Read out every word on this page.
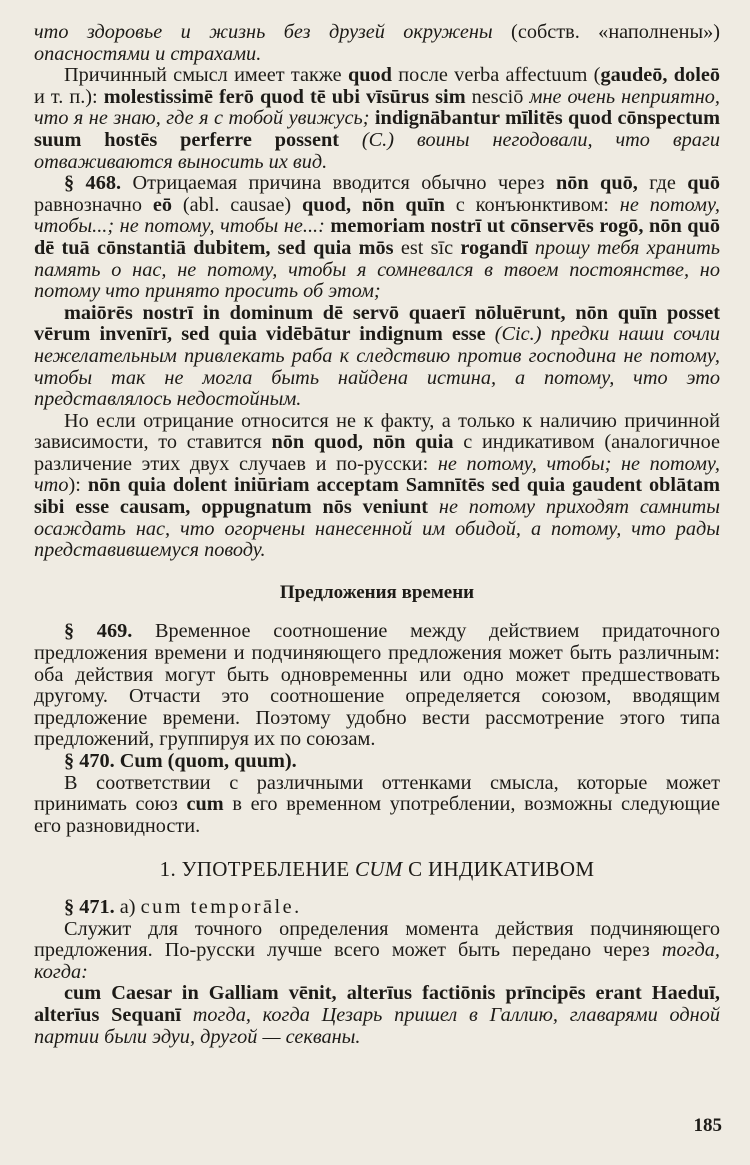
что здоровье и жизнь без друзей окружены (собств. «наполнены») опасностями и страхами.

Причинный смысл имеет также quod после verba affectuum (gaudeō, doleō и т. п.): molestissimē ferō quod tē ubi vīsūrus sim nesciō мне очень неприятно, что я не знаю, где я с тобой увижусь; indignābantur mīlitēs quod cōnspectum suum hostēs perferre possent (C.) воины негодовали, что враги отваживаются выносить их вид.

§ 468. Отрицаемая причина вводится обычно через nōn quō, где quō равнозначно eō (abl. causae) quod, nōn quīn с конъюнктивом: не потому, чтобы...; не потому, чтобы не...: memoriam nostrī ut cōnservēs rogō, nōn quō dē tuā cōnstantiā dubitem, sed quia mōs est sīc rogandī прошу тебя хранить память о нас, не потому, чтобы я сомневался в твоем постоянстве, но потому что принято просить об этом;

maiōrēs nostrī in dominum dē servō quaerī nōluērunt, nōn quīn posset vērum invenīrī, sed quia vidēbātur indignum esse (Cic.) предки наши сочли нежелательным привлекать раба к следствию против господина не потому, чтобы так не могла быть найдена истина, а потому, что это представлялось недостойным.

Но если отрицание относится не к факту, а только к наличию причинной зависимости, то ставится nōn quod, nōn quia с индикативом (аналогичное различение этих двух случаев и по-русски: не потому, чтобы; не потому, что): nōn quia dolent iniūriam acceptam Samnītēs sed quia gaudent oblātam sibi esse causam, oppugnatum nōs veniunt не потому приходят самниты осаждать нас, что огорчены нанесенной им обидой, а потому, что рады представившемуся поводу.

Предложения времени

§ 469. Временное соотношение между действием придаточного предложения времени и подчиняющего предложения может быть различным: оба действия могут быть одновременны или одно может предшествовать другому. Отчасти это соотношение определяется союзом, вводящим предложение времени. Поэтому удобно вести рассмотрение этого типа предложений, группируя их по союзам.

§ 470. Cum (quom, quum).

В соответствии с различными оттенками смысла, которые может принимать союз cum в его временном употреблении, возможны следующие его разновидности.

1. УПОТРЕБЛЕНИЕ CUM С ИНДИКАТИВОМ

§ 471. а) cum temporāle.

Служит для точного определения момента действия подчиняющего предложения. По-русски лучше всего может быть передано через тогда, когда:

cum Caesar in Galliam vēnit, alterīus factiōnis prīncipēs erant Haeduī, alterīus Sequanī тогда, когда Цезарь пришел в Галлию, главарями одной партии были эдуи, другой — секваны.

185
